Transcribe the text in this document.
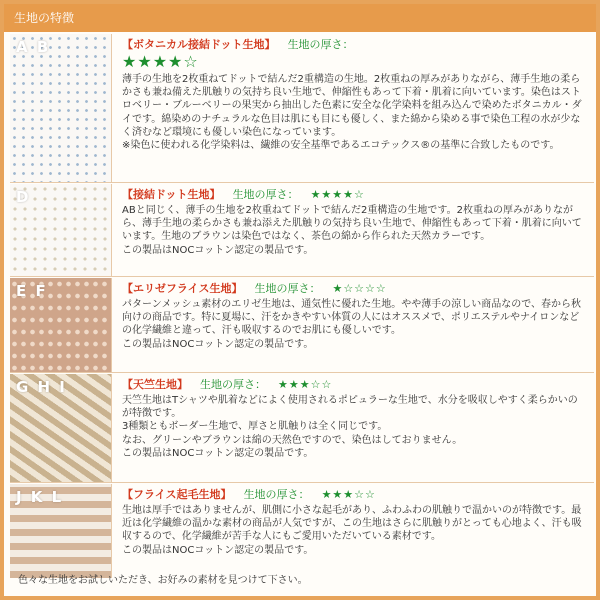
生地の特徴
A B	【ボタニカル接結ドット生地】 生地の厚さ：
★★★★☆
薄手の生地を2枚重ねてドットで結んだ2重構造の生地。2枚重ねの厚みがありながら、薄手生地の柔らかさも兼ね備えた肌触りの気持ち良い生地で、伸縮性もあって下着・肌着に向いています。染色はストロベリー・ブルーベリーの果実から抽出した色素に安全な化学染料を組み込んで染めたボタニカル・ダイです。綿染めのナチュラルな色目は肌にも目にも優しく、また綿から染める事で染色工程の水が少なく済むなど環境にも優しい染色になっています。
※染色に使われる化学染料は、繊維の安全基準であるエコテックス®の基準に合致したものです。
D	【接結ドット生地】 生地の厚さ： ★★★★☆
ABと同じく、薄手の生地を2枚重ねてドットで結んだ2重構造の生地です。2枚重ねの厚みがありながら、薄手生地の柔らかさも兼ね添えた肌触りの気持ち良い生地で、伸縮性もあって下着・肌着に向いています。生地のブラウンは染色ではなく、茶色の綿から作られた天然カラーです。
この製品はNOCコットン認定の製品です。
E F	【エリゼフライス生地】 生地の厚さ： ★☆☆☆☆
パターンメッシュ素材のエリゼ生地は、通気性に優れた生地。やや薄手の涼しい商品なので、春から秋向けの商品です。特に夏場に、汗をかきやすい体質の人にはオススメで、ポリエステルやナイロンなどの化学繊維と違って、汗も吸収するのでお肌にも優しいです。
この製品はNOCコットン認定の製品です。
G H I	【天竺生地】 生地の厚さ： ★★★☆☆
天竺生地はTシャツや肌着などによく使用されるポピュラーな生地で、水分を吸収しやすく柔らかいのが特徴です。
3種類ともボーダー生地で、厚さと肌触りは全く同じです。
なお、グリーンやブラウンは綿の天然色ですので、染色はしておりません。
この製品はNOCコットン認定の製品です。
J K L	【フライス起毛生地】 生地の厚さ： ★★★☆☆
生地は厚手ではありませんが、肌側に小さな起毛があり、ふわふわの肌触りで温かいのが特徴です。最近は化学繊維の温かな素材の商品が人気ですが、この生地はさらに肌触りがとっても心地よく、汗も吸収するので、化学繊維が苦手な人にもご愛用いただいている素材です。
この製品はNOCコットン認定の製品です。
色々な生地をお試しいただき、お好みの素材を見つけて下さい。
